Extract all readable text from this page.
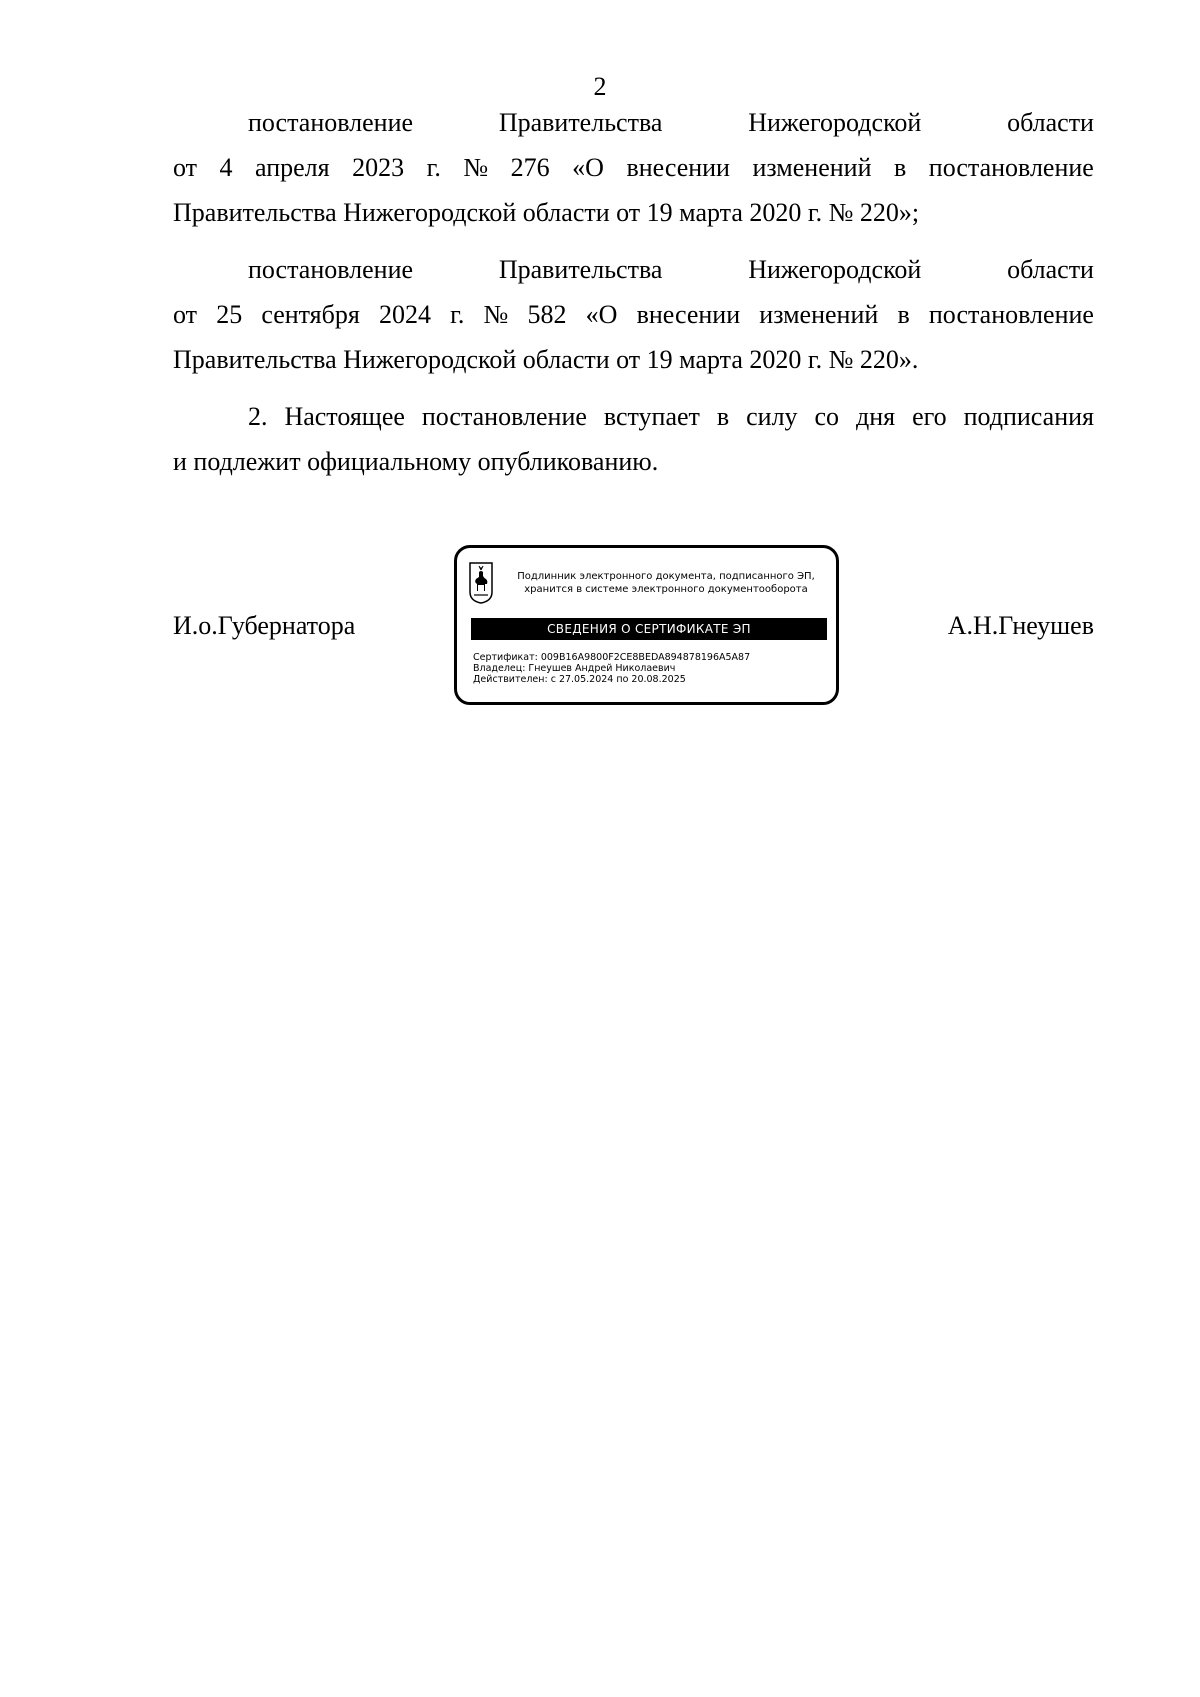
2
постановление	Правительства	Нижегородской	области
от 4 апреля 2023 г. № 276 «О внесении изменений в постановление
Правительства Нижегородской области от 19 марта 2020 г. № 220»;
постановление	Правительства	Нижегородской	области
от 25 сентября 2024 г. № 582 «О внесении изменений в постановление
Правительства Нижегородской области от 19 марта 2020 г. № 220».
2. Настоящее постановление вступает в силу со дня его подписания
и подлежит официальному опубликованию.
И.о.Губернатора	А.Н.Гнеушев
Подлинник электронного документа, подписанного ЭП,
хранится в системе электронного документооборота
СВЕДЕНИЯ О СЕРТИФИКАТЕ ЭП
Сертификат: 009B16A9800F2CE8BEDA894878196A5A87
Владелец: Гнеушев Андрей Николаевич
Действителен: с 27.05.2024 по 20.08.2025
